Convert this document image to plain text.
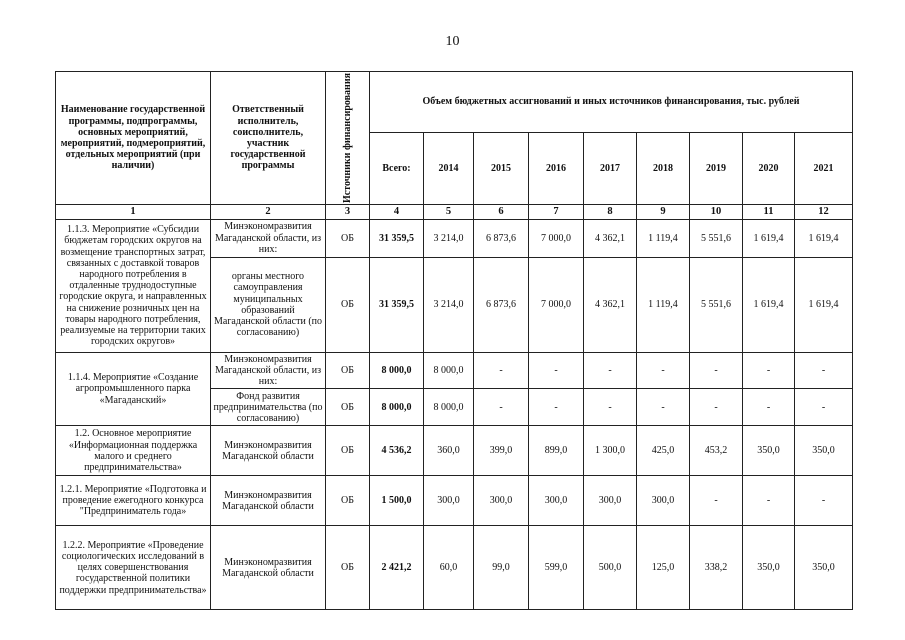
10
Наименование государственной программы, подпрограммы, основных мероприятий, мероприятий, подмероприятий, отдельных мероприятий (при наличии)	Ответственный исполнитель, соисполнитель, участник государственной программы	Источники финансирования	Объем бюджетных ассигнований и иных источников финансирования, тыс. рублей								
			Всего:	2014	2015	2016	2017	2018	2019	2020	2021
1	2	3	4	5	6	7	8	9	10	11	12
1.1.3. Мероприятие «Субсидии бюджетам городских округов на возмещение транспортных затрат, связанных с доставкой товаров народного потребления в отдаленные труднодоступные городские округа, и направленных на снижение розничных цен на товары народного потребления, реализуемые на территории таких городских округов»	Минэкономразвития Магаданской области, из них:	ОБ	31 359,5	3 214,0	6 873,6	7 000,0	4 362,1	1 119,4	5 551,6	1 619,4	1 619,4
	органы местного самоуправления муниципальных образований Магаданской области (по согласованию)	ОБ	31 359,5	3 214,0	6 873,6	7 000,0	4 362,1	1 119,4	5 551,6	1 619,4	1 619,4
1.1.4. Мероприятие «Создание агропромышленного парка «Магаданский»	Минэкономразвития Магаданской области, из них:	ОБ	8 000,0	8 000,0	-	-	-	-	-	-	-
	Фонд развития предпринимательства (по согласованию)	ОБ	8 000,0	8 000,0	-	-	-	-	-	-	-
1.2. Основное мероприятие «Информационная поддержка малого и среднего предпринимательства»	Минэкономразвития Магаданской области	ОБ	4 536,2	360,0	399,0	899,0	1 300,0	425,0	453,2	350,0	350,0
1.2.1. Мероприятие «Подготовка и проведение ежегодного конкурса "Предприниматель года»	Минэкономразвития Магаданской области	ОБ	1 500,0	300,0	300,0	300,0	300,0	300,0	-	-	-
1.2.2. Мероприятие «Проведение социологических исследований в целях совершенствования государственной политики поддержки предпринимательства»	Минэкономразвития Магаданской области	ОБ	2 421,2	60,0	99,0	599,0	500,0	125,0	338,2	350,0	350,0
